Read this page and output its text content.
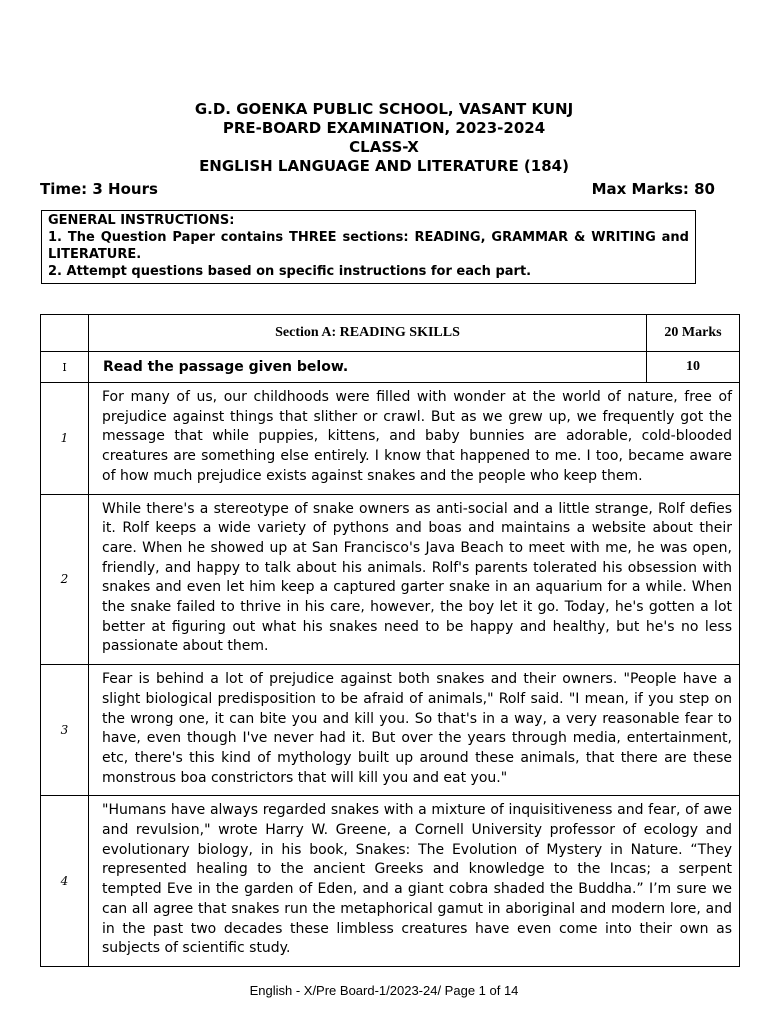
G.D. GOENKA PUBLIC SCHOOL, VASANT KUNJ
PRE-BOARD EXAMINATION, 2023-2024
CLASS-X
ENGLISH LANGUAGE AND LITERATURE (184)
Time: 3 Hours	Max Marks: 80
GENERAL INSTRUCTIONS:
1. The Question Paper contains THREE sections: READING, GRAMMAR & WRITING and LITERATURE.
2. Attempt questions based on specific instructions for each part.
	Section A: READING SKILLS	20 Marks
I	Read the passage given below.	10
1	For many of us, our childhoods were filled with wonder at the world of nature, free of prejudice against things that slither or crawl. But as we grew up, we frequently got the message that while puppies, kittens, and baby bunnies are adorable, cold-blooded creatures are something else entirely. I know that happened to me. I too, became aware of how much prejudice exists against snakes and the people who keep them.	
2	While there's a stereotype of snake owners as anti-social and a little strange, Rolf defies it. Rolf keeps a wide variety of pythons and boas and maintains a website about their care. When he showed up at San Francisco's Java Beach to meet with me, he was open, friendly, and happy to talk about his animals. Rolf's parents tolerated his obsession with snakes and even let him keep a captured garter snake in an aquarium for a while. When the snake failed to thrive in his care, however, the boy let it go. Today, he's gotten a lot better at figuring out what his snakes need to be happy and healthy, but he's no less passionate about them.	
3	Fear is behind a lot of prejudice against both snakes and their owners. "People have a slight biological predisposition to be afraid of animals," Rolf said. "I mean, if you step on the wrong one, it can bite you and kill you. So that's in a way, a very reasonable fear to have, even though I've never had it. But over the years through media, entertainment, etc, there's this kind of mythology built up around these animals, that there are these monstrous boa constrictors that will kill you and eat you."	
4	"Humans have always regarded snakes with a mixture of inquisitiveness and fear, of awe and revulsion," wrote Harry W. Greene, a Cornell University professor of ecology and evolutionary biology, in his book, Snakes: The Evolution of Mystery in Nature. “They represented healing to the ancient Greeks and knowledge to the Incas; a serpent tempted Eve in the garden of Eden, and a giant cobra shaded the Buddha.” I’m sure we can all agree that snakes run the metaphorical gamut in aboriginal and modern lore, and in the past two decades these limbless creatures have even come into their own as subjects of scientific study.	
English - X/Pre Board-1/2023-24/ Page 1 of 14
